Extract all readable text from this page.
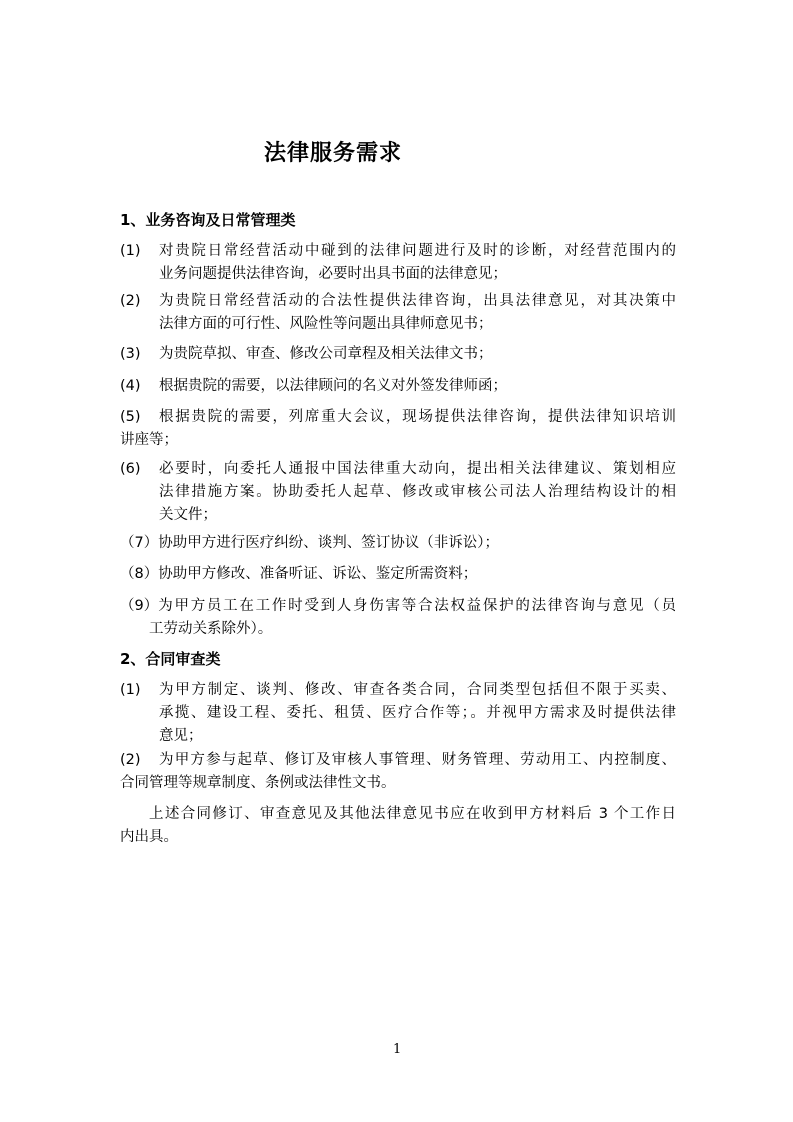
法律服务需求
1、业务咨询及日常管理类
(1)	对贵院日常经营活动中碰到的法律问题进行及时的诊断，对经营范围内的
业务问题提供法律咨询，必要时出具书面的法律意见；
(2)	为贵院日常经营活动的合法性提供法律咨询，出具法律意见，对其决策中
法律方面的可行性、风险性等问题出具律师意见书；
(3)	为贵院草拟、审查、修改公司章程及相关法律文书；
(4)	根据贵院的需要，以法律顾问的名义对外签发律师函；
(5)	根据贵院的需要，列席重大会议，现场提供法律咨询，提供法律知识培训
讲座等；
(6)	必要时，向委托人通报中国法律重大动向，提出相关法律建议、策划相应
法律措施方案。协助委托人起草、修改或审核公司法人治理结构设计的相
关文件；
（7） 协助甲方进行医疗纠纷、谈判、签订协议（非诉讼）；
（8） 协助甲方修改、准备听证、诉讼、鉴定所需资料；
（9） 为甲方员工在工作时受到人身伤害等合法权益保护的法律咨询与意见（员
工劳动关系除外）。
2、合同审查类
(1)	为甲方制定、谈判、修改、审查各类合同，合同类型包括但不限于买卖、
承揽、建设工程、委托、租赁、医疗合作等；。并视甲方需求及时提供法律
意见；
(2)	为甲方参与起草、修订及审核人事管理、财务管理、劳动用工、内控制度、
合同管理等规章制度、条例或法律性文书。
上述合同修订、审查意见及其他法律意见书应在收到甲方材料后 3 个工作日
内出具。
1
